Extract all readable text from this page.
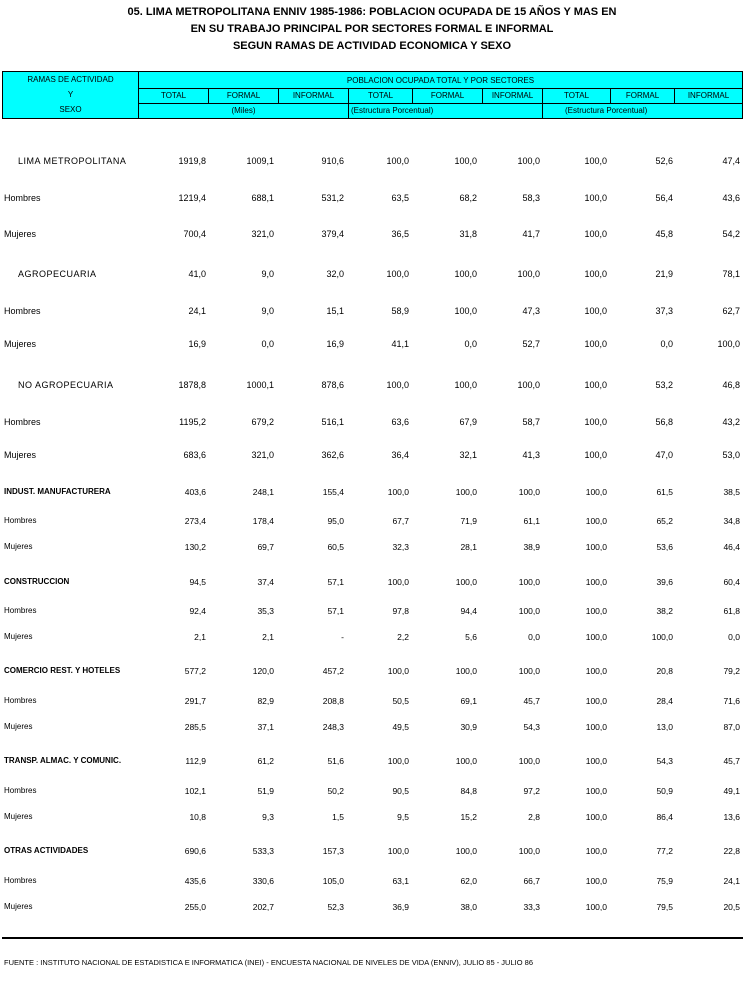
05. LIMA METROPOLITANA ENNIV 1985-1986: POBLACION OCUPADA DE 15 AÑOS Y MAS EN
EN SU TRABAJO PRINCIPAL POR SECTORES FORMAL E INFORMAL
SEGUN RAMAS DE ACTIVIDAD ECONOMICA Y SEXO
RAMAS DE ACTIVIDAD
Y
SEXO
POBLACION OCUPADA TOTAL Y POR SECTORES
TOTAL	FORMAL	INFORMAL	TOTAL	FORMAL	INFORMAL	TOTAL	FORMAL	INFORMAL
(Miles)	(Estructura Porcentual)	(Estructura Porcentual)
LIMA METROPOLITANA	1919,8	1009,1	910,6	100,0	100,0	100,0	100,0	52,6	47,4
Hombres	1219,4	688,1	531,2	63,5	68,2	58,3	100,0	56,4	43,6
Mujeres	700,4	321,0	379,4	36,5	31,8	41,7	100,0	45,8	54,2
AGROPECUARIA	41,0	9,0	32,0	100,0	100,0	100,0	100,0	21,9	78,1
Hombres	24,1	9,0	15,1	58,9	100,0	47,3	100,0	37,3	62,7
Mujeres	16,9	0,0	16,9	41,1	0,0	52,7	100,0	0,0	100,0
NO AGROPECUARIA	1878,8	1000,1	878,6	100,0	100,0	100,0	100,0	53,2	46,8
Hombres	1195,2	679,2	516,1	63,6	67,9	58,7	100,0	56,8	43,2
Mujeres	683,6	321,0	362,6	36,4	32,1	41,3	100,0	47,0	53,0
INDUST. MANUFACTURERA	403,6	248,1	155,4	100,0	100,0	100,0	100,0	61,5	38,5
Hombres	273,4	178,4	95,0	67,7	71,9	61,1	100,0	65,2	34,8
Mujeres	130,2	69,7	60,5	32,3	28,1	38,9	100,0	53,6	46,4
CONSTRUCCION	94,5	37,4	57,1	100,0	100,0	100,0	100,0	39,6	60,4
Hombres	92,4	35,3	57,1	97,8	94,4	100,0	100,0	38,2	61,8
Mujeres	2,1	2,1	-	2,2	5,6	0,0	100,0	100,0	0,0
COMERCIO REST. Y HOTELES	577,2	120,0	457,2	100,0	100,0	100,0	100,0	20,8	79,2
Hombres	291,7	82,9	208,8	50,5	69,1	45,7	100,0	28,4	71,6
Mujeres	285,5	37,1	248,3	49,5	30,9	54,3	100,0	13,0	87,0
TRANSP. ALMAC. Y COMUNIC.	112,9	61,2	51,6	100,0	100,0	100,0	100,0	54,3	45,7
Hombres	102,1	51,9	50,2	90,5	84,8	97,2	100,0	50,9	49,1
Mujeres	10,8	9,3	1,5	9,5	15,2	2,8	100,0	86,4	13,6
OTRAS ACTIVIDADES	690,6	533,3	157,3	100,0	100,0	100,0	100,0	77,2	22,8
Hombres	435,6	330,6	105,0	63,1	62,0	66,7	100,0	75,9	24,1
Mujeres	255,0	202,7	52,3	36,9	38,0	33,3	100,0	79,5	20,5
FUENTE : INSTITUTO NACIONAL DE ESTADISTICA E INFORMATICA (INEI) - ENCUESTA NACIONAL DE NIVELES DE VIDA (ENNIV), JULIO 85 - JULIO 86
